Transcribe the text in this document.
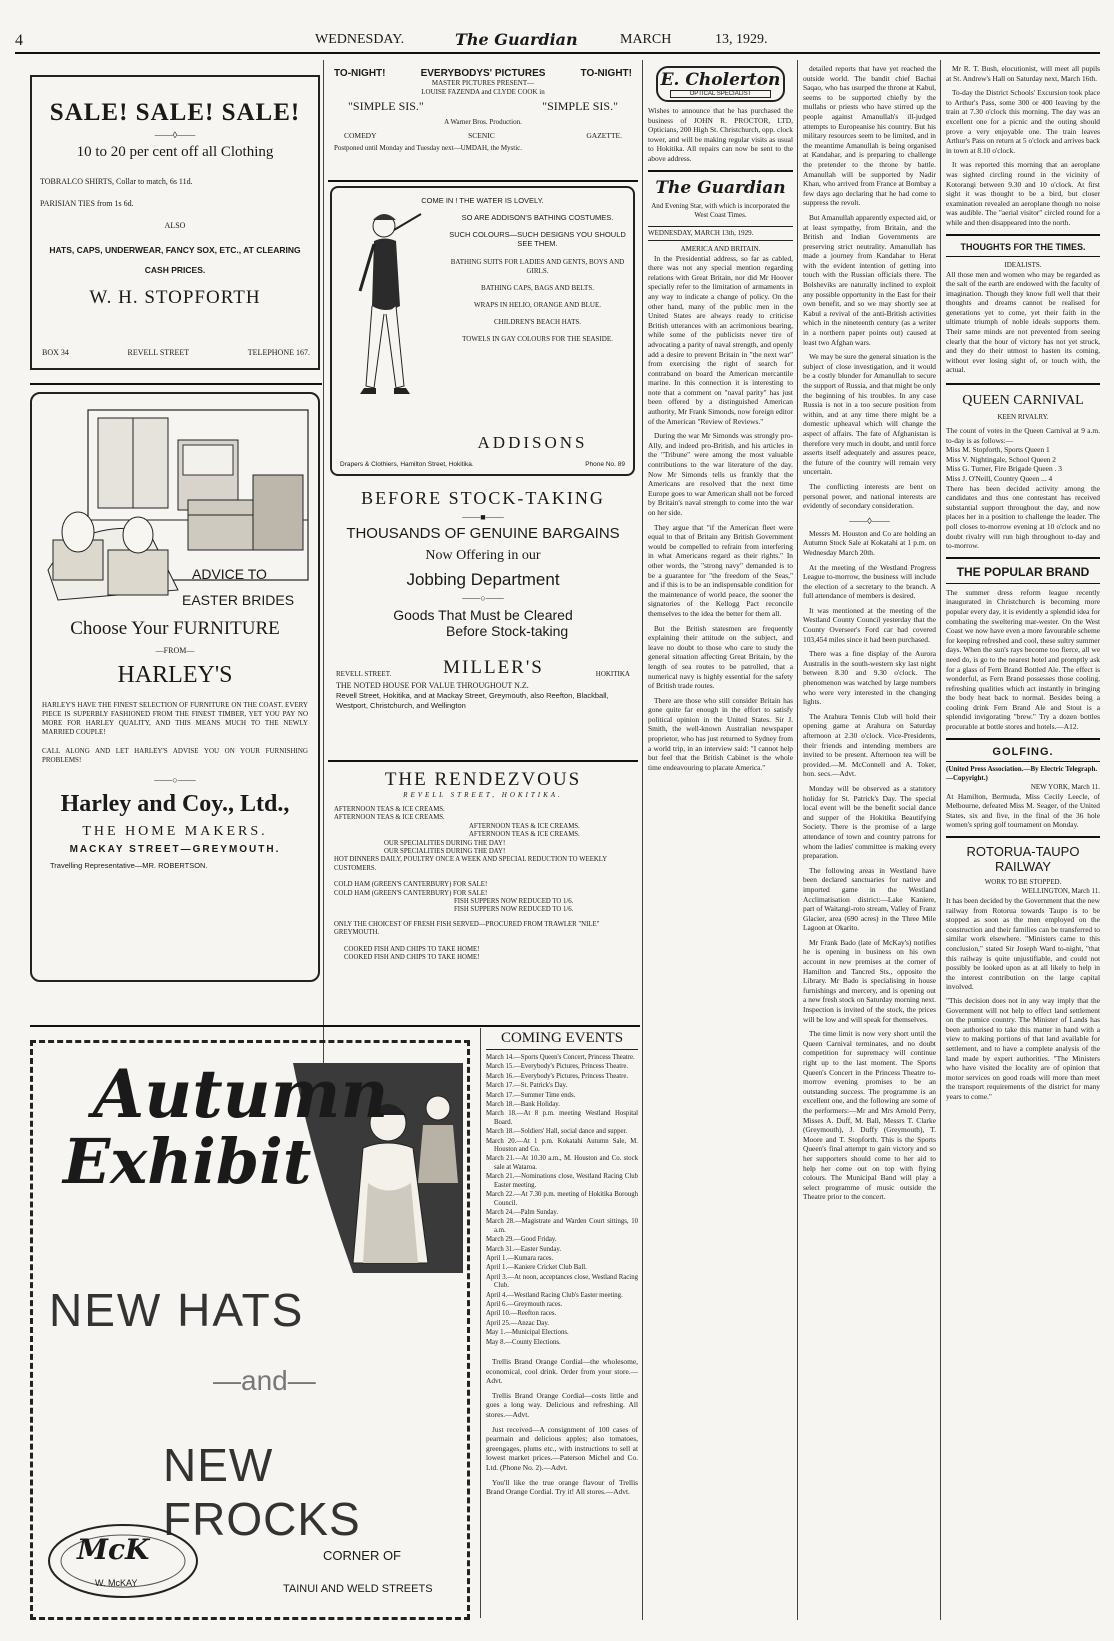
4	WEDNESDAY.	The Guardian	MARCH	13, 1929.
SALE! SALE! SALE!
——◊——
10 to 20 per cent off all Clothing
TOBRALCO SHIRTS, Collar to match, 6s 11d.
PARISIAN TIES from 1s 6d.
ALSO
HATS, CAPS, UNDERWEAR, FANCY SOX, ETC., AT CLEARING
CASH PRICES.
W. H. STOPFORTH
BOX 34	REVELL STREET	TELEPHONE 167.
ADVICE TO
EASTER BRIDES
Choose Your FURNITURE
—FROM—
HARLEY'S
HARLEY'S HAVE THE FINEST SELECTION OF FURNITURE ON THE COAST. EVERY PIECE IS SUPERBLY FASHIONED FROM THE FINEST TIMBER, YET YOU PAY NO MORE FOR HARLEY QUALITY, AND THIS MEANS MUCH TO THE NEWLY MARRIED COUPLE!
CALL ALONG AND LET HARLEY'S ADVISE YOU ON YOUR FURNISHING PROBLEMS!
——○——
Harley and Coy., Ltd.,
THE HOME MAKERS.
MACKAY STREET—GREYMOUTH.
Travelling Representative—MR. ROBERTSON.
TO-NIGHT!	EVERYBODYS' PICTURES	TO-NIGHT!
MASTER PICTURES PRESENT—
LOUISE FAZENDA and CLYDE COOK in
"SIMPLE SIS."	"SIMPLE SIS."
A Warner Bros. Production.
COMEDY	SCENIC	GAZETTE.
Postponed until Monday and Tuesday next—UMDAH, the Mystic.
COME IN ! THE WATER IS LOVELY.
SO ARE ADDISON'S BATHING COSTUMES.
SUCH COLOURS—SUCH DESIGNS YOU SHOULD SEE THEM.
BATHING SUITS FOR LADIES AND GENTS, BOYS AND GIRLS.
BATHING CAPS, BAGS AND BELTS.
WRAPS IN HELIO, ORANGE AND BLUE.
CHILDREN'S BEACH HATS.
TOWELS IN GAY COLOURS FOR THE SEASIDE.
ADDISONS
Drapers & Clothiers, Hamilton Street, Hokitika.	Phone No. 89
BEFORE STOCK-TAKING
——■——
THOUSANDS OF GENUINE BARGAINS
Now Offering in our
Jobbing Department
——○——
Goods That Must be Cleared
Before Stock-taking
REVELL STREET.	MILLER'S	HOKITIKA
THE NOTED HOUSE FOR VALUE THROUGHOUT N.Z.
Revell Street, Hokitika, and at Mackay Street, Greymouth, also Reefton, Blackball, Westport, Christchurch, and Wellington
THE RENDEZVOUS
REVELL STREET, HOKITIKA.
AFTERNOON TEAS & ICE CREAMS.
AFTERNOON TEAS & ICE CREAMS.
AFTERNOON TEAS & ICE CREAMS.
AFTERNOON TEAS & ICE CREAMS.
OUR SPECIALITIES DURING THE DAY!
OUR SPECIALITIES DURING THE DAY!
HOT DINNERS DAILY, POULTRY ONCE A WEEK AND SPECIAL REDUCTION TO WEEKLY CUSTOMERS.
COLD HAM (GREEN'S CANTERBURY) FOR SALE!
COLD HAM (GREEN'S CANTERBURY) FOR SALE!
FISH SUPPERS NOW REDUCED TO 1/6.
FISH SUPPERS NOW REDUCED TO 1/6.
ONLY THE CHOICEST OF FRESH FISH SERVED—PROCURED FROM TRAWLER "NILE" GREYMOUTH.
COOKED FISH AND CHIPS TO TAKE HOME!
COOKED FISH AND CHIPS TO TAKE HOME!
Autumn
Exhibit
NEW HATS
—and—
NEW FROCKS
McK
W. McKAY
CORNER OF
TAINUI AND WELD STREETS
E. Cholerton
OPTICAL SPECIALIST
Wishes to announce that he has purchased the business of JOHN R. PROCTOR, LTD, Opticians, 200 High St. Christchurch, opp. clock tower, and will be making regular visits as usual to Hokitika. All repairs can now be sent to the above address.
The Guardian
And Evening Star, with which is incorporated the West Coast Times.
WEDNESDAY, MARCH 13th, 1929.
AMERICA AND BRITAIN.

In the Presidential address, so far as cabled, there was not any special mention regarding relations with Great Britain, nor did Mr Hoover specially refer to the limitation of armaments in any way to indicate a change of policy. On the other hand, many of the public men in the United States are always ready to criticise British utterances with an acrimonious bearing, while some of the publicists never tire of advocating a parity of naval strength, and openly add a desire to prevent Britain in "the next war" from exercising the right of search for contraband on board the American mercantile marine. In this connection it is interesting to note that a comment on "naval parity" has just been offered by a distinguished American authority, Mr Frank Simonds, now foreign editor of the American "Review of Reviews."

During the war Mr Simonds was strongly pro-Ally, and indeed pro-British, and his articles in the "Tribune" were among the most valuable contributions to the war literature of the day. Now Mr Simonds tells us frankly that the Americans are resolved that the next time Europe goes to war American shall not be forced by Britain's naval strength to come into the war on her side.

They argue that "if the American fleet were equal to that of Britain any British Government would be compelled to refrain from interfering in what Americans regard as their rights." In other words, the "strong navy" demanded is to be a guarantee for "the freedom of the Seas," and if this is to be an indispensable condition for the maintenance of world peace, the sooner the signatories of the Kellogg Pact reconcile themselves to the idea the better for them all.

But the British statesmen are frequently explaining their attitude on the subject, and leave no doubt to those who care to study the general situation affecting Great Britain, by the length of sea routes to be patrolled, that a numerical navy is highly essential for the safety of British trade routes.

There are those who still consider Britain has gone quite far enough in the effort to satisfy political opinion in the United States. Sir J. Smith, the well-known Australian newspaper proprietor, who has just returned to Sydney from a world trip, in an interview said: "I cannot help but feel that the British Cabinet is the whole time endeavouring to placate America."

COMING EVENTS
March 14.—Sports Queen's Concert, Princess Theatre.
March 15.—Everybody's Pictures, Princess Theatre.
March 16.—Everybody's Pictures, Princess Theatre.
March 17.—St. Patrick's Day.
March 17.—Summer Time ends.
March 18.—Bank Holiday.
March 18.—At 8 p.m. meeting Westland Hospital Board.
March 18.—Soldiers' Hall, social dance and supper.
March 20.—At 1 p.m. Kokatahi Autumn Sale, M. Houston and Co.
March 21.—At 10.30 a.m., M. Houston and Co. stock sale at Wataroa.
March 21.—Nominations close, Westland Racing Club Easter meeting.
March 22.—At 7.30 p.m. meeting of Hokitika Borough Council.
March 24.—Palm Sunday.
March 28.—Magistrate and Warden Court sittings, 10 a.m.
March 29.—Good Friday.
March 31.—Easter Sunday.
April 1.—Kumara races.
April 1.—Kaniere Cricket Club Ball.
April 3.—At noon, acceptances close, Westland Racing Club.
April 4.—Westland Racing Club's Easter meeting.
April 6.—Greymouth races.
April 10.—Reefton races.
April 25.—Anzac Day.
May 1.—Municipal Elections.
May 8.—County Elections.

Trellis Brand Orange Cordial—the wholesome, economical, cool drink. Order from your store.—Advt.

Trellis Brand Orange Cordial—costs little and goes a long way. Delicious and refreshing. All stores.—Advt.

Just received—A consignment of 100 cases of pearmain and delicious apples; also tomatoes, greengages, plums etc., with instructions to sell at lowest market prices.—Paterson Michel and Co. Ltd. (Phone No. 2).—Advt.

You'll like the true orange flavour of Trellis Brand Orange Cordial. Try it! All stores.—Advt.

detailed reports that have yet reached the outside world. The bandit chief Bachai Saqao, who has usurped the throne at Kabul, seems to be supported chiefly by the mullahs or priests who have stirred up the people against Amanullah's ill-judged attempts to Europeanise his country. But his military resources seem to be limited, and in the meantime Amanullah is being organised at Kandahar, and is preparing to challenge the pretender to the throne by battle. Amanullah will be supported by Nadir Khan, who arrived from France at Bombay a few days ago declaring that he had come to suppress the revolt.

But Amanullah apparently expected aid, or at least sympathy, from Britain, and the British and Indian Governments are preserving strict neutrality. Amanullah has made a journey from Kandahar to Herat with the evident intention of getting into touch with the Russian officials there. The Bolsheviks are naturally inclined to exploit any possible opportunity in the East for their own benefit, and so we may shortly see at Kabul a revival of the anti-British activities which in the nineteenth century (as a writer in a northern paper points out) caused at least two Afghan wars.

We may be sure the general situation is the subject of close investigation, and it would be a costly blunder for Amanullah to secure the support of Russia, and that might be only the beginning of his troubles. In any case Russia is not in a too secure position from within, and at any time there might be a domestic upheaval which will change the aspect of affairs. The fate of Afghanistan is therefore very much in doubt, and until force asserts itself adequately and assures peace, the future of the country will remain very uncertain.

The conflicting interests are bent on personal power, and national interests are evidently of secondary consideration.

——◊——

Messrs M. Houston and Co are holding an Autumn Stock Sale at Kokatahi at 1 p.m. on Wednesday March 20th.

At the meeting of the Westland Progress League to-morrow, the business will include the election of a secretary to the branch. A full attendance of members is desired.

It was mentioned at the meeting of the Westland County Council yesterday that the County Overseer's Ford car had covered 103,454 miles since it had been purchased.

There was a fine display of the Aurora Australis in the south-western sky last night between 8.30 and 9.30 o'clock. The phenomenon was watched by large numbers who were very interested in the changing lights.

The Arahura Tennis Club will hold their opening game at Arahura on Saturday afternoon at 2.30 o'clock. Vice-Presidents, their friends and intending members are invited to be present. Afternoon tea will be provided.—M. McConnell and A. Toker, hon. secs.—Advt.

Monday will be observed as a statutory holiday for St. Patrick's Day. The special local event will be the benefit social dance and supper of the Hokitika Beautifying Society. There is the promise of a large attendance of town and country patrons for whom the ladies' committee is making every preparation.

The following areas in Westland have been declared sanctuaries for native and imported game in the Westland Acclimatisation district:—Lake Kaniere, part of Waitangi-roto stream, Valley of Franz Glacier, area (690 acres) in the Three Mile Lagoon at Okarito.

Mr Frank Bado (late of McKay's) notifies he is opening in business on his own account in new premises at the corner of Hamilton and Tancred Sts., opposite the Library. Mr Bado is specialising in house furnishings and mercery, and is opening out a new fresh stock on Saturday morning next. Inspection is invited of the stock, the prices will be low and will speak for themselves.

The time limit is now very short until the Queen Carnival terminates, and no doubt competition for supremacy will continue right up to the last moment. The Sports Queen's Concert in the Princess Theatre to-morrow evening promises to be an outstanding success. The programme is an excellent one, and the following are some of the performers:—Mr and Mrs Arnold Perry, Misses A. Duff, M. Ball, Messrs T. Clarke (Greymouth), J. Duffy (Greymouth), T. Moore and T. Stopforth. This is the Sports Queen's final attempt to gain victory and so her supporters should come to her aid to help her come out on top with flying colours. The Municipal Band will play a select programme of music outside the Theatre prior to the concert.

Mr R. T. Bush, elocutionist, will meet all pupils at St. Andrew's Hall on Saturday next, March 16th.

To-day the District Schools' Excursion took place to Arthur's Pass, some 300 or 400 leaving by the train at 7.30 o'clock this morning. The day was an excellent one for a picnic and the outing should prove a very enjoyable one. The train leaves Arthur's Pass on return at 5 o'clock and arrives back in town at 8.10 o'clock.

It was reported this morning that an aeroplane was sighted circling round in the vicinity of Kotorangi between 9.30 and 10 o'clock. At first sight it was thought to be a bird, but closer examination revealed an aeroplane though no noise was audible. The "aerial visitor" circled round for a while and then disappeared into the north.

THOUGHTS FOR THE TIMES.
IDEALISTS.
All those men and women who may be regarded as the salt of the earth are endowed with the faculty of imagination. Though they know full well that their thoughts and dreams cannot be realised for generations yet to come, yet their faith in the ultimate triumph of noble ideals supports them. Their same minds are not prevented from seeing clearly that the hour of victory has not yet struck, and they do their utmost to hasten its coming, without ever losing sight of, or touch with, the actual.
QUEEN CARNIVAL
KEEN RIVALRY.
The count of votes in the Queen Carnival at 9 a.m. to-day is as follows:—
Miss M. Stopforth, Sports Queen 1
Miss V. Nightingale, School Queen 2
Miss G. Turner, Fire Brigade Queen . 3
Miss J. O'Neill, Country Queen ... 4
There has been decided activity among the candidates and thus one contestant has received substantial support throughout the day, and now places her in a position to challenge the leader. The poll closes to-morrow evening at 10 o'clock and no doubt rivalry will run high throughout to-day and to-morrow.
THE POPULAR BRAND
The summer dress reform league recently inaugurated in Christchurch is becoming more popular every day, it is evidently a splendid idea for combating the sweltering mar-wester. On the West Coast we now have even a more favourable scheme for keeping refreshed and cool, these sultry summer days. When the sun's rays become too fierce, all we need do, is go to the nearest hotel and promptly ask for a glass of Fern Brand Bottled Ale. The effect is wonderful, as Fern Brand possesses those cooling, refreshing qualities which act instantly in bringing the body heat back to normal. Besides being a cooling drink Fern Brand Ale and Stout is a splendid invigorating "brew." Try a dozen bottles procurable at bottle stores and hotels.—A12.
GOLFING.
(United Press Association.—By Electric Telegraph.—Copyright.)
NEW YORK, March 11.
At Hamilton, Bermuda, Miss Cecily Leecle, of Melbourne, defeated Miss M. Seager, of the United States, six and five, in the final of the 36 hole women's spring golf tournament on Monday.
ROTORUA-TAUPO RAILWAY
WORK TO BE STOPPED.
WELLINGTON, March 11.
It has been decided by the Government that the new railway from Rotorua towards Taupo is to be stopped as soon as the men employed on the construction and their families can be transferred to similar work elsewhere. "Ministers came to this conclusion," stated Sir Joseph Ward to-night, "that this railway is quite unjustifiable, and could not possibly be looked upon as at all likely to help in the interest contribution on the large capital involved.
"This decision does not in any way imply that the Government will not help to effect land settlement on the pumice country. The Minister of Lands has been authorised to take this matter in hand with a view to making portions of that land available for settlement, and to have a complete analysis of the land made by expert authorities. "The Ministers who have visited the locality are of opinion that motor services on good roads will more than meet the transport requirements of the district for many years to come."
